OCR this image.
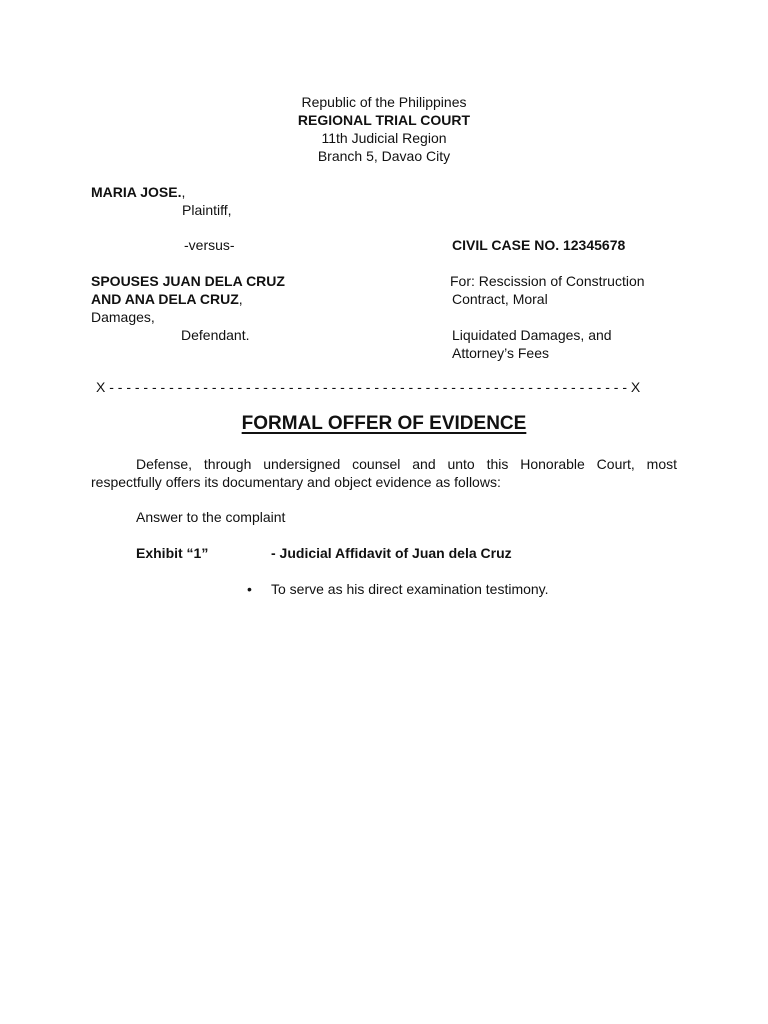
Republic of the Philippines
REGIONAL TRIAL COURT
11th Judicial Region
Branch 5, Davao City
MARIA JOSE.,
Plaintiff,
-versus-
SPOUSES JUAN DELA CRUZ
AND ANA DELA CRUZ,
Damages,
Defendant.
CIVIL CASE NO. 12345678
For: Rescission of Construction
Contract, Moral
Liquidated Damages, and
Attorney’s Fees
X - - - - - - - - - - - - - - - - - - - - - - - - - - - - - - - - - - - - - - - - - - - - - - - - - - - - - - - - - - - - - X
FORMAL OFFER OF EVIDENCE
Defense, through undersigned counsel and unto this Honorable Court, most respectfully offers its documentary and object evidence as follows:
Answer to the complaint
Exhibit “1”	- Judicial Affidavit of Juan dela Cruz
• To serve as his direct examination testimony.
